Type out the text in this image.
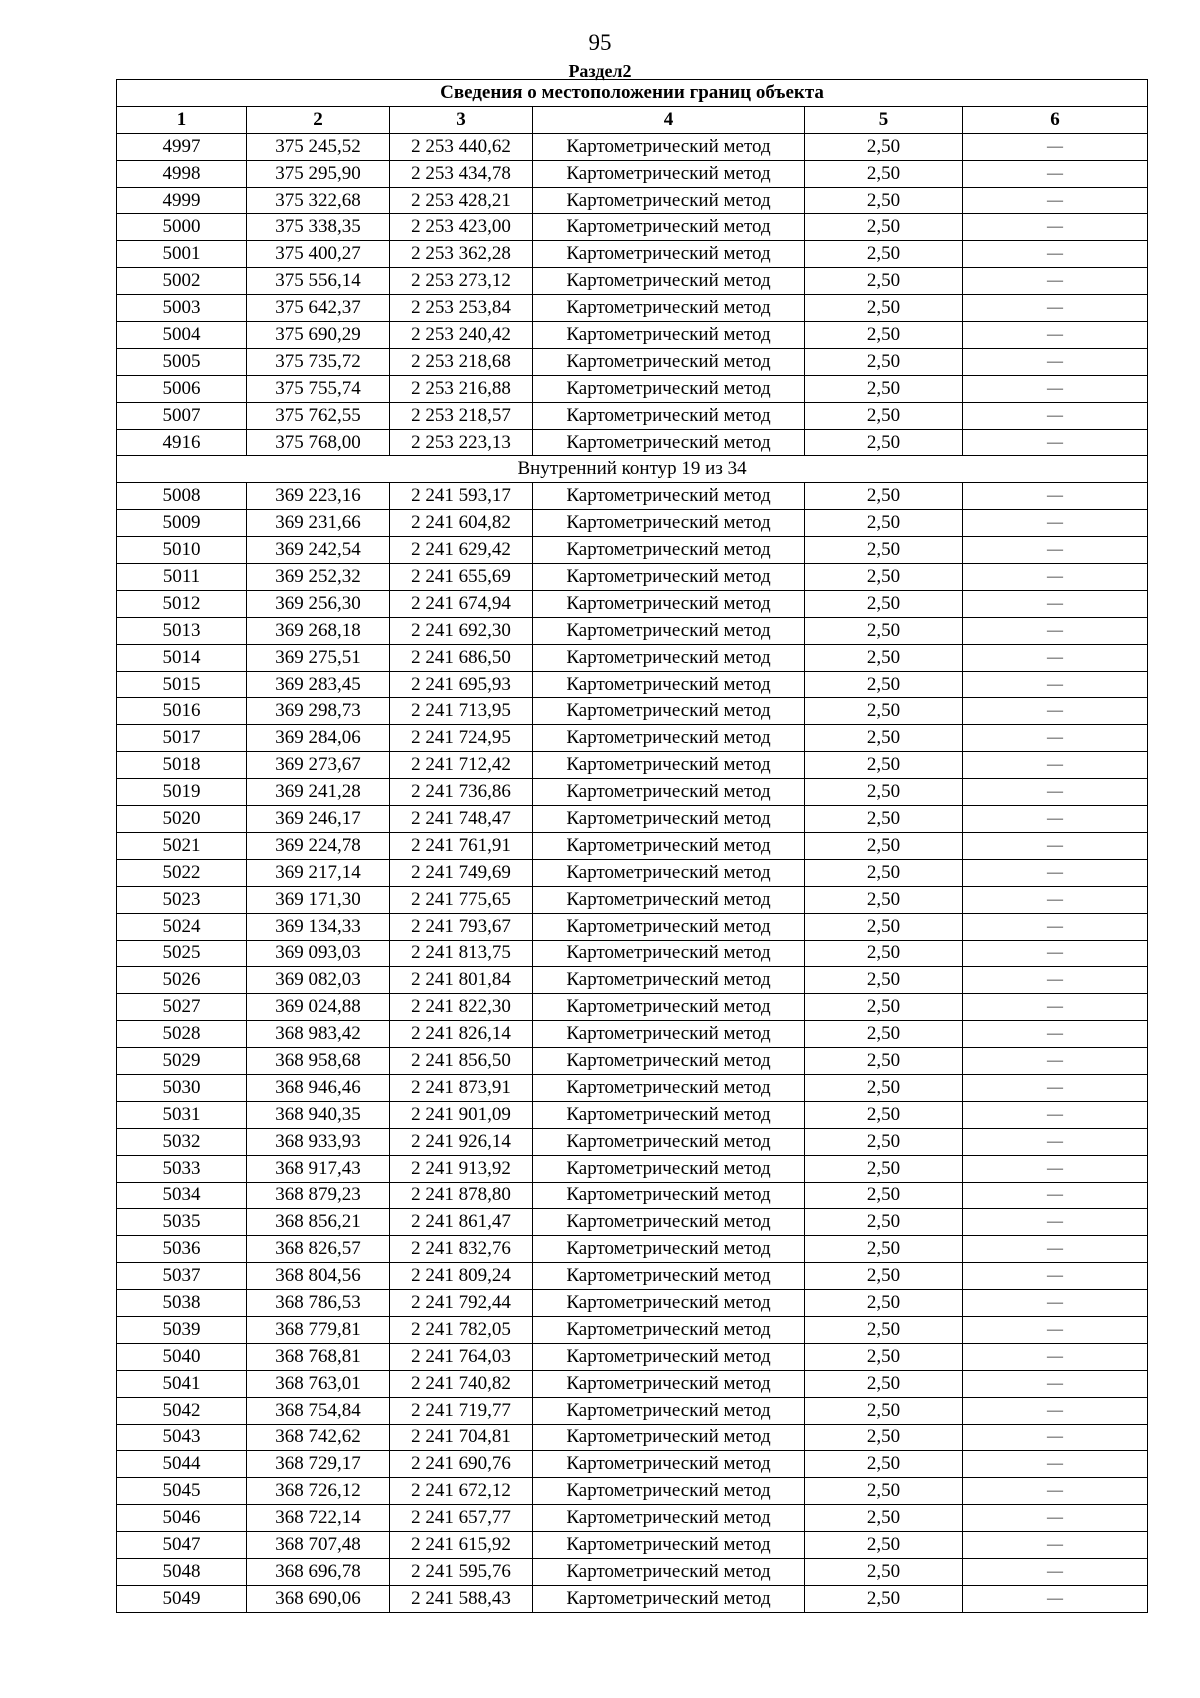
95
Раздел2
Сведения о местоположении границ объекта					
1	2	3	4	5	6
4997	375 245,52	2 253 440,62	Картометрический метод	2,50	—
4998	375 295,90	2 253 434,78	Картометрический метод	2,50	—
4999	375 322,68	2 253 428,21	Картометрический метод	2,50	—
5000	375 338,35	2 253 423,00	Картометрический метод	2,50	—
5001	375 400,27	2 253 362,28	Картометрический метод	2,50	—
5002	375 556,14	2 253 273,12	Картометрический метод	2,50	—
5003	375 642,37	2 253 253,84	Картометрический метод	2,50	—
5004	375 690,29	2 253 240,42	Картометрический метод	2,50	—
5005	375 735,72	2 253 218,68	Картометрический метод	2,50	—
5006	375 755,74	2 253 216,88	Картометрический метод	2,50	—
5007	375 762,55	2 253 218,57	Картометрический метод	2,50	—
4916	375 768,00	2 253 223,13	Картометрический метод	2,50	—
Внутренний контур 19 из 34					
5008	369 223,16	2 241 593,17	Картометрический метод	2,50	—
5009	369 231,66	2 241 604,82	Картометрический метод	2,50	—
5010	369 242,54	2 241 629,42	Картометрический метод	2,50	—
5011	369 252,32	2 241 655,69	Картометрический метод	2,50	—
5012	369 256,30	2 241 674,94	Картометрический метод	2,50	—
5013	369 268,18	2 241 692,30	Картометрический метод	2,50	—
5014	369 275,51	2 241 686,50	Картометрический метод	2,50	—
5015	369 283,45	2 241 695,93	Картометрический метод	2,50	—
5016	369 298,73	2 241 713,95	Картометрический метод	2,50	—
5017	369 284,06	2 241 724,95	Картометрический метод	2,50	—
5018	369 273,67	2 241 712,42	Картометрический метод	2,50	—
5019	369 241,28	2 241 736,86	Картометрический метод	2,50	—
5020	369 246,17	2 241 748,47	Картометрический метод	2,50	—
5021	369 224,78	2 241 761,91	Картометрический метод	2,50	—
5022	369 217,14	2 241 749,69	Картометрический метод	2,50	—
5023	369 171,30	2 241 775,65	Картометрический метод	2,50	—
5024	369 134,33	2 241 793,67	Картометрический метод	2,50	—
5025	369 093,03	2 241 813,75	Картометрический метод	2,50	—
5026	369 082,03	2 241 801,84	Картометрический метод	2,50	—
5027	369 024,88	2 241 822,30	Картометрический метод	2,50	—
5028	368 983,42	2 241 826,14	Картометрический метод	2,50	—
5029	368 958,68	2 241 856,50	Картометрический метод	2,50	—
5030	368 946,46	2 241 873,91	Картометрический метод	2,50	—
5031	368 940,35	2 241 901,09	Картометрический метод	2,50	—
5032	368 933,93	2 241 926,14	Картометрический метод	2,50	—
5033	368 917,43	2 241 913,92	Картометрический метод	2,50	—
5034	368 879,23	2 241 878,80	Картометрический метод	2,50	—
5035	368 856,21	2 241 861,47	Картометрический метод	2,50	—
5036	368 826,57	2 241 832,76	Картометрический метод	2,50	—
5037	368 804,56	2 241 809,24	Картометрический метод	2,50	—
5038	368 786,53	2 241 792,44	Картометрический метод	2,50	—
5039	368 779,81	2 241 782,05	Картометрический метод	2,50	—
5040	368 768,81	2 241 764,03	Картометрический метод	2,50	—
5041	368 763,01	2 241 740,82	Картометрический метод	2,50	—
5042	368 754,84	2 241 719,77	Картометрический метод	2,50	—
5043	368 742,62	2 241 704,81	Картометрический метод	2,50	—
5044	368 729,17	2 241 690,76	Картометрический метод	2,50	—
5045	368 726,12	2 241 672,12	Картометрический метод	2,50	—
5046	368 722,14	2 241 657,77	Картометрический метод	2,50	—
5047	368 707,48	2 241 615,92	Картометрический метод	2,50	—
5048	368 696,78	2 241 595,76	Картометрический метод	2,50	—
5049	368 690,06	2 241 588,43	Картометрический метод	2,50	—
